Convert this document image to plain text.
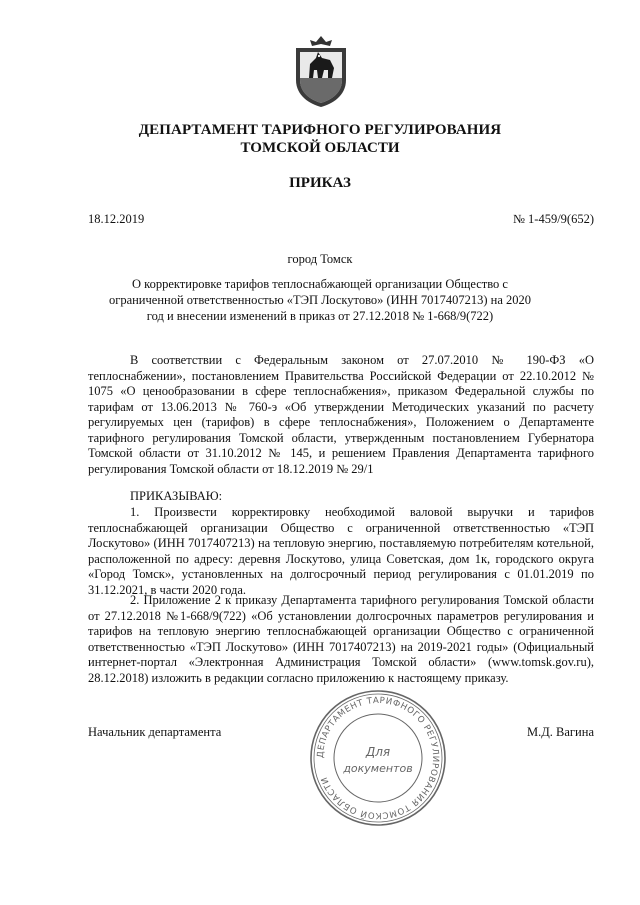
ДЕПАРТАМЕНТ ТАРИФНОГО РЕГУЛИРОВАНИЯ
ТОМСКОЙ ОБЛАСТИ
ПРИКАЗ
18.12.2019	№ 1-459/9(652)
город Томск
О корректировке тарифов теплоснабжающей организации Общество с ограниченной ответственностью «ТЭП Лоскутово» (ИНН 7017407213) на 2020 год и внесении изменений в приказ от 27.12.2018 № 1-668/9(722)
В соответствии с Федеральным законом от 27.07.2010 № 190-ФЗ «О теплоснабжении», постановлением Правительства Российской Федерации от 22.10.2012 № 1075 «О ценообразовании в сфере теплоснабжения», приказом Федеральной службы по тарифам от 13.06.2013 № 760-э «Об утверждении Методических указаний по расчету регулируемых цен (тарифов) в сфере теплоснабжения», Положением о Департаменте тарифного регулирования Томской области, утвержденным постановлением Губернатора Томской области от 31.10.2012 № 145, и решением Правления Департамента тарифного регулирования Томской области от 18.12.2019 № 29/1
ПРИКАЗЫВАЮ:
1. Произвести корректировку необходимой валовой выручки и тарифов теплоснабжающей организации Общество с ограниченной ответственностью «ТЭП Лоскутово» (ИНН 7017407213) на тепловую энергию, поставляемую потребителям котельной, расположенной по адресу: деревня Лоскутово, улица Советская, дом 1к, городского округа «Город Томск», установленных на долгосрочный период регулирования с 01.01.2019 по 31.12.2021, в части 2020 года.
2. Приложение 2 к приказу Департамента тарифного регулирования Томской области от 27.12.2018 №1-668/9(722) «Об установлении долгосрочных параметров регулирования и тарифов на тепловую энергию теплоснабжающей организации Общество с ограниченной ответственностью «ТЭП Лоскутово» (ИНН 7017407213) на 2019-2021 годы» (Официальный интернет-портал «Электронная Администрация Томской области» (www.tomsk.gov.ru), 28.12.2018) изложить в редакции согласно приложению к настоящему приказу.
Начальник департамента	М.Д. Вагина
ДЕПАРТАМЕНТ ТАРИФНОГО РЕГУЛИРОВАНИЯ ТОМСКОЙ ОБЛАСТИ
Для
документов
